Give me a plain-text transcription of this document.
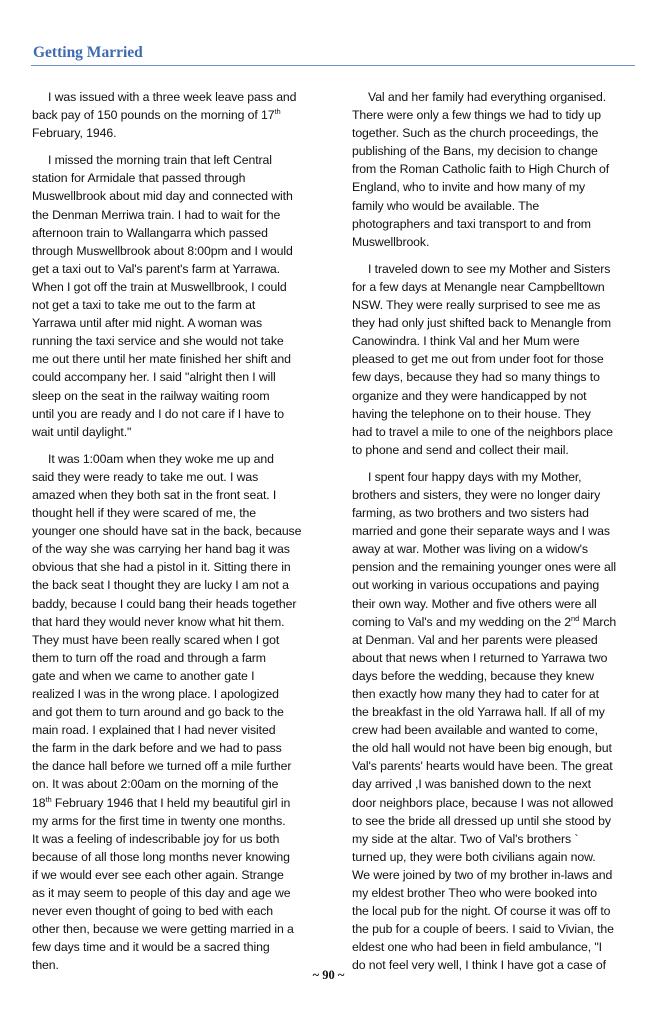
Getting Married

I was issued with a three week leave pass and
back pay of 150 pounds on the morning of 17th
February, 1946.

I missed the morning train that left Central
station for Armidale that passed through
Muswellbrook about mid day and connected with
the Denman Merriwa train. I had to wait for the
afternoon train to Wallangarra which passed
through Muswellbrook about 8:00pm and I would
get a taxi out to Val's parent's farm at Yarrawa.
When I got off the train at Muswellbrook, I could
not get a taxi to take me out to the farm at
Yarrawa until after mid night. A woman was
running the taxi service and she would not take
me out there until her mate finished her shift and
could accompany her. I said "alright then I will
sleep on the seat in the railway waiting room
until you are ready and I do not care if I have to
wait until daylight."

It was 1:00am when they woke me up and
said they were ready to take me out. I was
amazed when they both sat in the front seat. I
thought hell if they were scared of me, the
younger one should have sat in the back, because
of the way she was carrying her hand bag it was
obvious that she had a pistol in it. Sitting there in
the back seat I thought they are lucky I am not a
baddy, because I could bang their heads together
that hard they would never know what hit them.
They must have been really scared when I got
them to turn off the road and through a farm
gate and when we came to another gate I
realized I was in the wrong place. I apologized
and got them to turn around and go back to the
main road. I explained that I had never visited
the farm in the dark before and we had to pass
the dance hall before we turned off a mile further
on. It was about 2:00am on the morning of the
18th February 1946 that I held my beautiful girl in
my arms for the first time in twenty one months.
It was a feeling of indescribable joy for us both
because of all those long months never knowing
if we would ever see each other again. Strange
as it may seem to people of this day and age we
never even thought of going to bed with each
other then, because we were getting married in a
few days time and it would be a sacred thing
then.

Val and her family had everything organised.
There were only a few things we had to tidy up
together. Such as the church proceedings, the
publishing of the Bans, my decision to change
from the Roman Catholic faith to High Church of
England, who to invite and how many of my
family who would be available. The
photographers and taxi transport to and from
Muswellbrook.

I traveled down to see my Mother and Sisters
for a few days at Menangle near Campbelltown
NSW. They were really surprised to see me as
they had only just shifted back to Menangle from
Canowindra. I think Val and her Mum were
pleased to get me out from under foot for those
few days, because they had so many things to
organize and they were handicapped by not
having the telephone on to their house. They
had to travel a mile to one of the neighbors place
to phone and send and collect their mail.

I spent four happy days with my Mother,
brothers and sisters, they were no longer dairy
farming, as two brothers and two sisters had
married and gone their separate ways and I was
away at war. Mother was living on a widow's
pension and the remaining younger ones were all
out working in various occupations and paying
their own way. Mother and five others were all
coming to Val's and my wedding on the 2nd March
at Denman. Val and her parents were pleased
about that news when I returned to Yarrawa two
days before the wedding, because they knew
then exactly how many they had to cater for at
the breakfast in the old Yarrawa hall. If all of my
crew had been available and wanted to come,
the old hall would not have been big enough, but
Val's parents' hearts would have been. The great
day arrived ,I was banished down to the next
door neighbors place, because I was not allowed
to see the bride all dressed up until she stood by
my side at the altar. Two of Val's brothers `
turned up, they were both civilians again now.
We were joined by two of my brother in-laws and
my eldest brother Theo who were booked into
the local pub for the night. Of course it was off to
the pub for a couple of beers. I said to Vivian, the
eldest one who had been in field ambulance, "I
do not feel very well, I think I have got a case of

~ 90 ~
